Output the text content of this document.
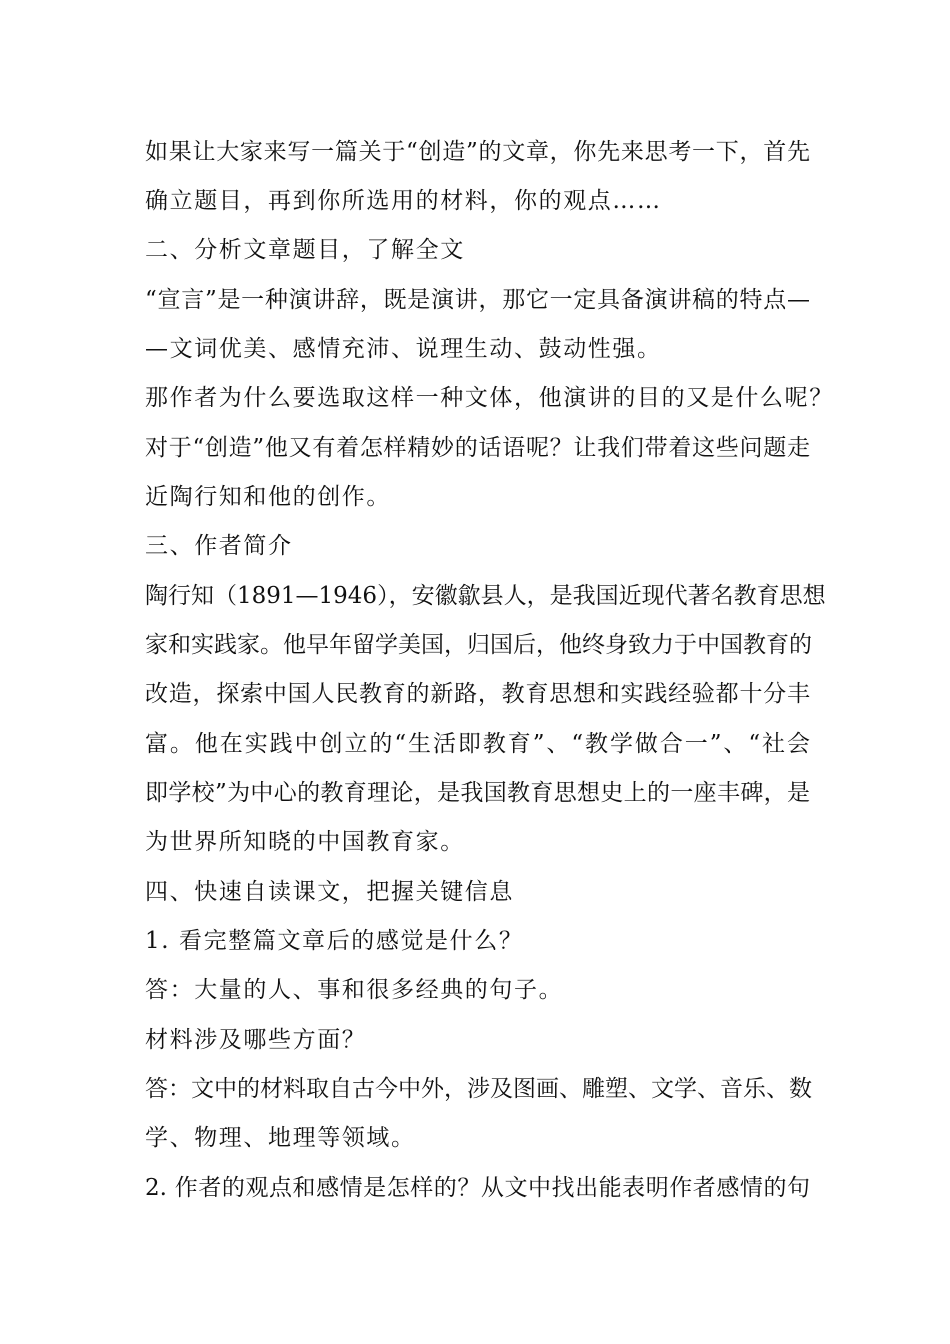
如果让大家来写一篇关于“创造”的文章，你先来思考一下，首先
确立题目，再到你所选用的材料，你的观点……
二、分析文章题目，了解全文
“宣言”是一种演讲辞，既是演讲，那它一定具备演讲稿的特点—
—文词优美、感情充沛、说理生动、鼓动性强。
那作者为什么要选取这样一种文体，他演讲的目的又是什么呢？
对于“创造”他又有着怎样精妙的话语呢？让我们带着这些问题走
近陶行知和他的创作。
三、作者简介
陶行知（1891—1946），安徽歙县人，是我国近现代著名教育思想
家和实践家。他早年留学美国，归国后，他终身致力于中国教育的
改造，探索中国人民教育的新路，教育思想和实践经验都十分丰
富。他在实践中创立的“生活即教育”、“教学做合一”、“社会
即学校”为中心的教育理论，是我国教育思想史上的一座丰碑，是
为世界所知晓的中国教育家。
四、快速自读课文，把握关键信息
1. 看完整篇文章后的感觉是什么？
答：大量的人、事和很多经典的句子。
材料涉及哪些方面？
答：文中的材料取自古今中外，涉及图画、雕塑、文学、音乐、数
学、物理、地理等领域。
2. 作者的观点和感情是怎样的？从文中找出能表明作者感情的句
